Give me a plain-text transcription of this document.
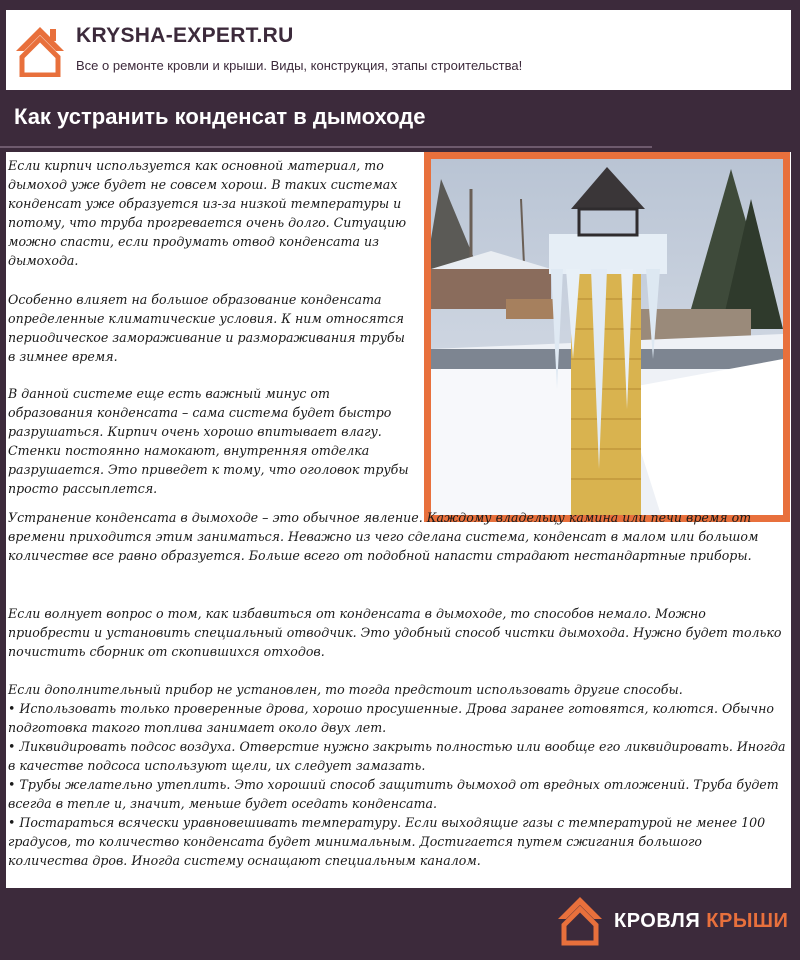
KRYSHA-EXPERT.RU
Все о ремонте кровли и крыши. Виды, конструкция, этапы строительства!
Как устранить конденсат в дымоходе

Если кирпич используется как основной материал, то дымоход уже будет не совсем хорош. В таких системах конденсат уже образуется из-за низкой температуры и потому, что труба прогревается очень долго. Ситуацию можно спасти, если продумать отвод конденсата из дымохода.

Особенно влияет на большое образование конденсата определенные климатические условия. К ним относятся периодическое замораживание и размораживания трубы в зимнее время.

В данной системе еще есть важный минус от образования конденсата – сама система будет быстро разрушаться. Кирпич очень хорошо впитывает влагу. Стенки постоянно намокают, внутренняя отделка разрушается. Это приведет к тому, что оголовок трубы просто рассыплется.

Устранение конденсата в дымоходе – это обычное явление. Каждому владельцу камина или печи время от времени приходится этим заниматься. Неважно из чего сделана система, конденсат в малом или большом количестве все равно образуется. Больше всего от подобной напасти страдают нестандартные приборы.

Если волнует вопрос о том, как избавиться от конденсата в дымоходе, то способов немало. Можно приобрести и установить специальный отводчик. Это удобный способ чистки дымохода. Нужно будет только почистить сборник от скопившихся отходов.

Если дополнительный прибор не установлен, то тогда предстоит использовать другие способы.
• Использовать только проверенные дрова, хорошо просушенные. Дрова заранее готовятся, колются. Обычно подготовка такого топлива занимает около двух лет.
• Ликвидировать подсос воздуха. Отверстие нужно закрыть полностью или вообще его ликвидировать. Иногда в качестве подсоса используют щели, их следует замазать.
• Трубы желательно утеплить. Это хороший способ защитить дымоход от вредных отложений. Труба будет всегда в тепле и, значит, меньше будет оседать конденсата.
• Постараться всячески уравновешивать температуру. Если выходящие газы с температурой не менее 100 градусов, то количество конденсата будет минимальным. Достигается путем сжигания большого количества дров. Иногда систему оснащают специальным каналом.

КРОВЛЯ КРЫШИ
